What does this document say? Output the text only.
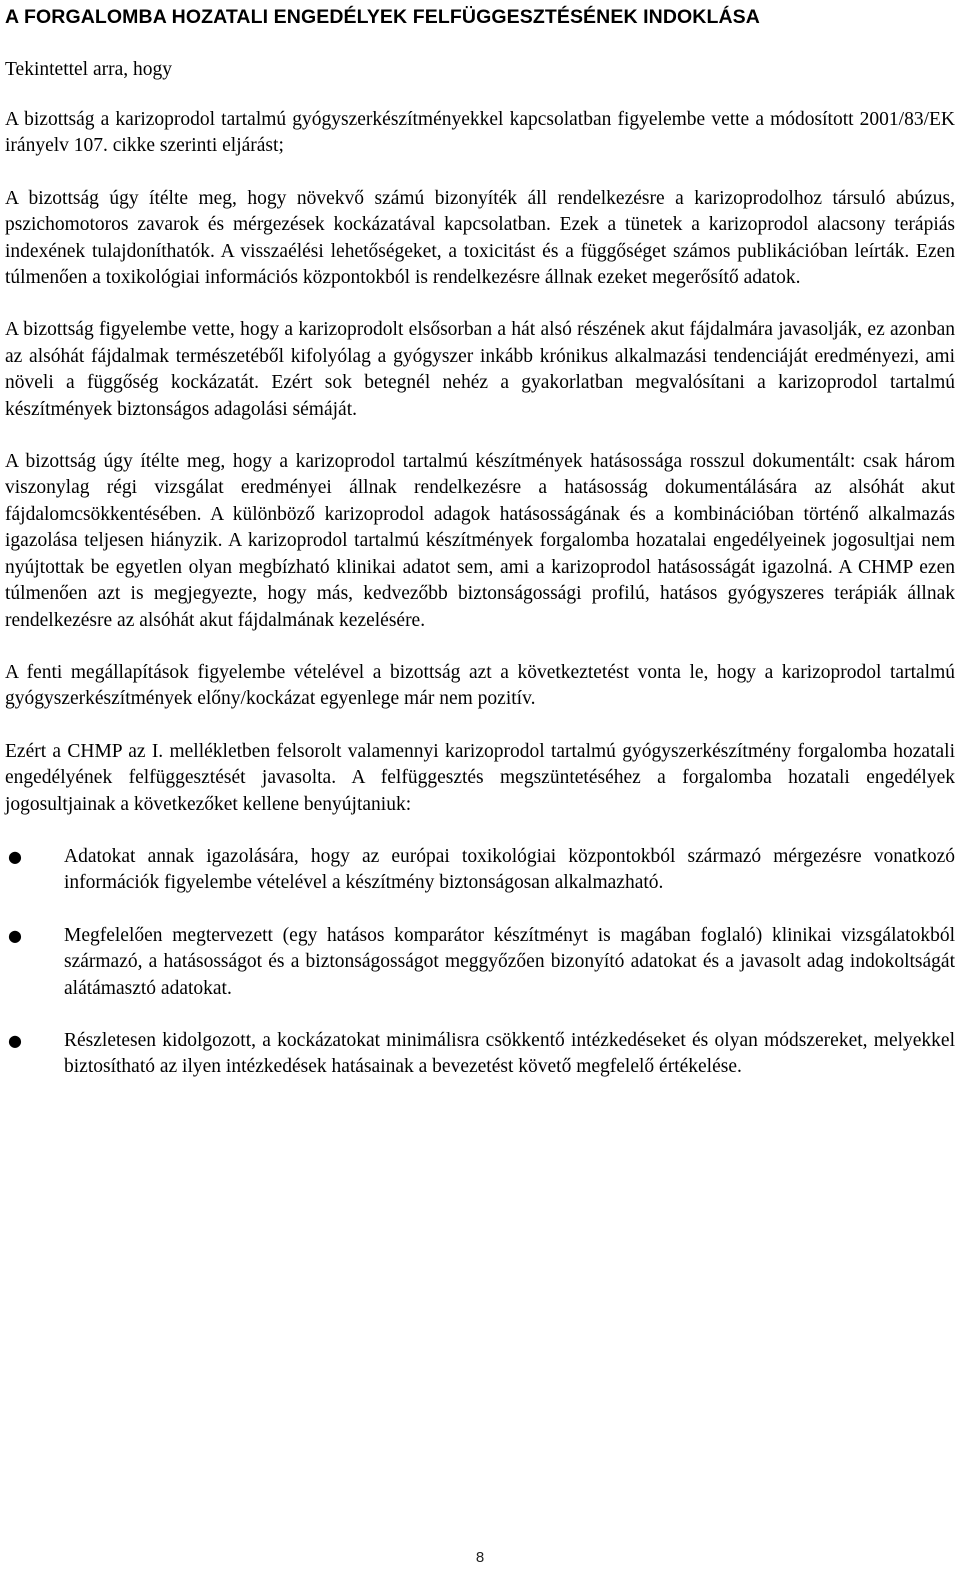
A FORGALOMBA HOZATALI ENGEDÉLYEK FELFÜGGESZTÉSÉNEK INDOKLÁSA

Tekintettel arra, hogy

A bizottság a karizoprodol tartalmú gyógyszerkészítményekkel kapcsolatban figyelembe vette a módosított 2001/83/EK irányelv 107. cikke szerinti eljárást;

A bizottság úgy ítélte meg, hogy növekvő számú bizonyíték áll rendelkezésre a karizoprodolhoz társuló abúzus, pszichomotoros zavarok és mérgezések kockázatával kapcsolatban. Ezek a tünetek a karizoprodol alacsony terápiás indexének tulajdoníthatók. A visszaélési lehetőségeket, a toxicitást és a függőséget számos publikációban leírták. Ezen túlmenően a toxikológiai információs központokból is rendelkezésre állnak ezeket megerősítő adatok.

A bizottság figyelembe vette, hogy a karizoprodolt elsősorban a hát alsó részének akut fájdalmára javasolják, ez azonban az alsóhát fájdalmak természetéből kifolyólag a gyógyszer inkább krónikus alkalmazási tendenciáját eredményezi, ami növeli a függőség kockázatát. Ezért sok betegnél nehéz a gyakorlatban megvalósítani a karizoprodol tartalmú készítmények biztonságos adagolási sémáját.

A bizottság úgy ítélte meg, hogy a karizoprodol tartalmú készítmények hatásossága rosszul dokumentált: csak három viszonylag régi vizsgálat eredményei állnak rendelkezésre a hatásosság dokumentálására az alsóhát akut fájdalomcsökkentésében. A különböző karizoprodol adagok hatásosságának és a kombinációban történő alkalmazás igazolása teljesen hiányzik. A karizoprodol tartalmú készítmények forgalomba hozatalai engedélyeinek jogosultjai nem nyújtottak be egyetlen olyan megbízható klinikai adatot sem, ami a karizoprodol hatásosságát igazolná. A CHMP ezen túlmenően azt is megjegyezte, hogy más, kedvezőbb biztonságossági profilú, hatásos gyógyszeres terápiák állnak rendelkezésre az alsóhát akut fájdalmának kezelésére.

A fenti megállapítások figyelembe vételével a bizottság azt a következtetést vonta le, hogy a karizoprodol tartalmú gyógyszerkészítmények előny/kockázat egyenlege már nem pozitív.

Ezért a CHMP az I. mellékletben felsorolt valamennyi karizoprodol tartalmú gyógyszerkészítmény forgalomba hozatali engedélyének felfüggesztését javasolta. A felfüggesztés megszüntetéséhez a forgalomba hozatali engedélyek jogosultjainak a következőket kellene benyújtaniuk:

● Adatokat annak igazolására, hogy az európai toxikológiai központokból származó mérgezésre vonatkozó információk figyelembe vételével a készítmény biztonságosan alkalmazható.
● Megfelelően megtervezett (egy hatásos komparátor készítményt is magában foglaló) klinikai vizsgálatokból származó, a hatásosságot és a biztonságosságot meggyőzően bizonyító adatokat és a javasolt adag indokoltságát alátámasztó adatokat.
● Részletesen kidolgozott, a kockázatokat minimálisra csökkentő intézkedéseket és olyan módszereket, melyekkel biztosítható az ilyen intézkedések hatásainak a bevezetést követő megfelelő értékelése.
8
